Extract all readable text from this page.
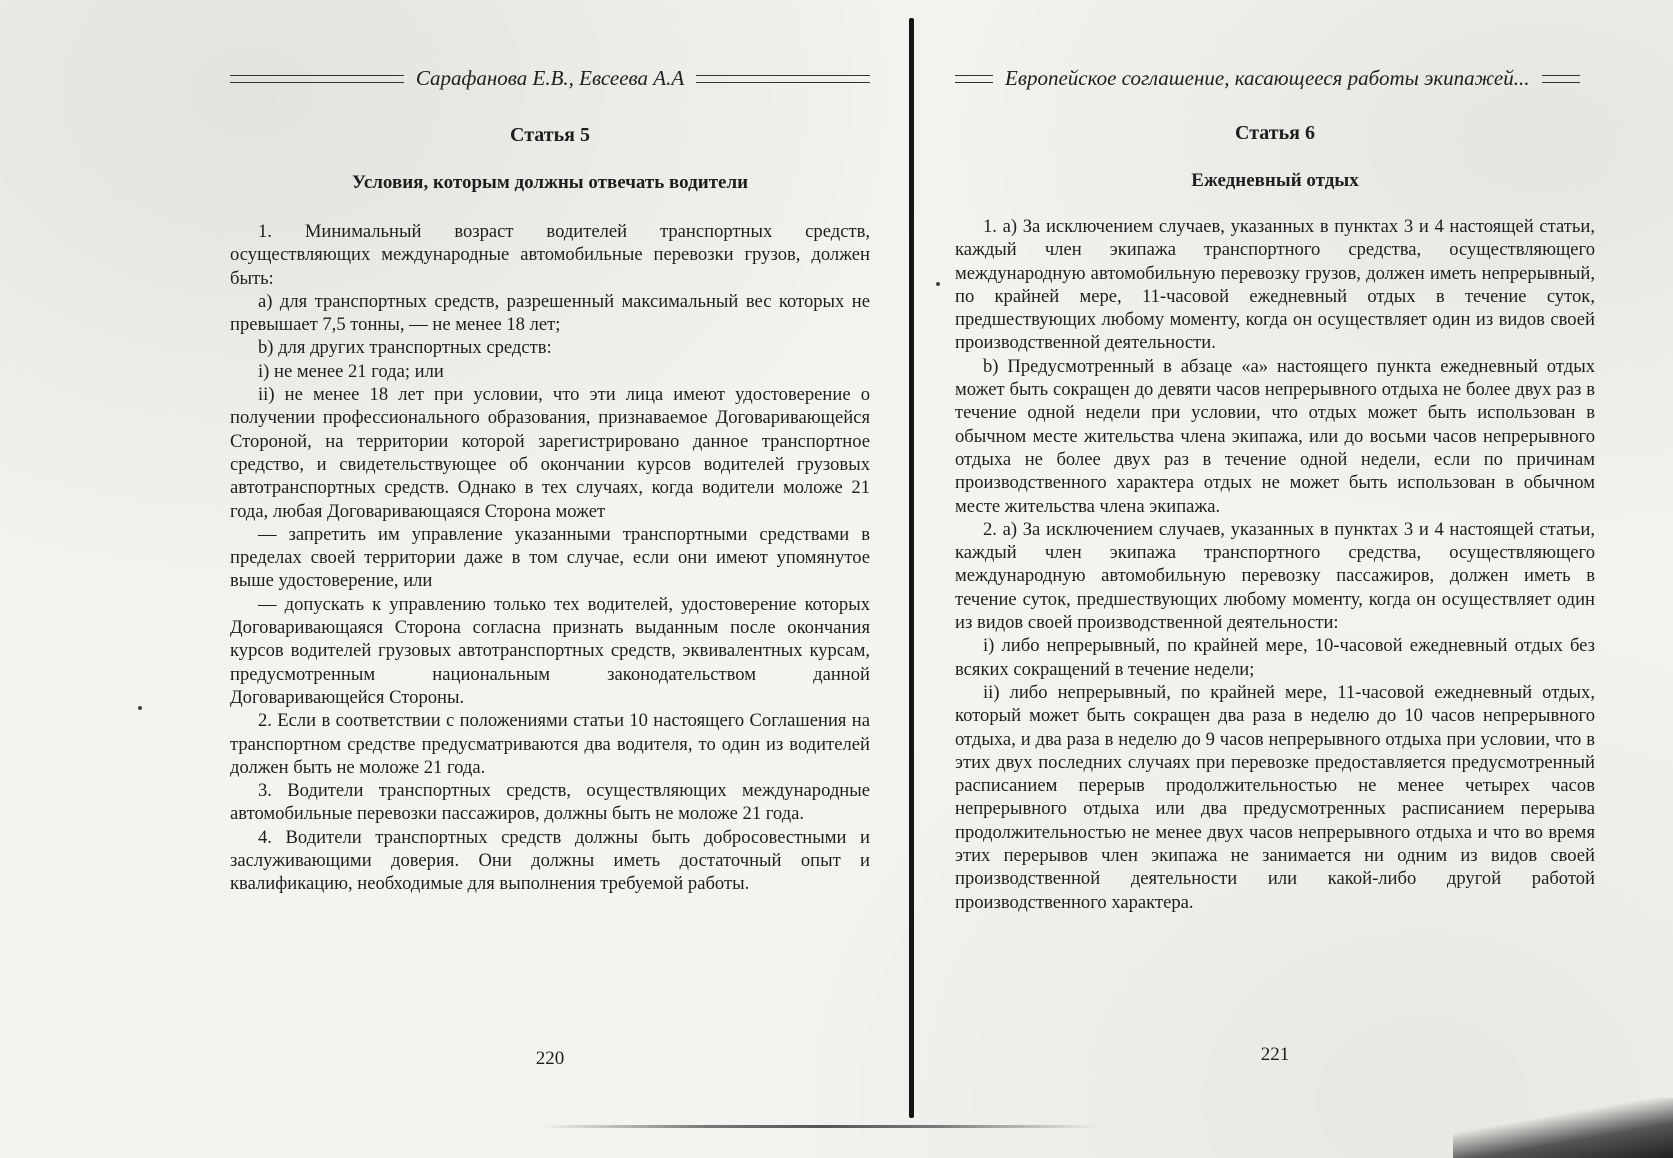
Сарафанова Е.В., Евсеева А.А
Статья 5
Условия, которым должны отвечать водители

1. Минимальный возраст водителей транспортных средств, осуществляющих международные автомобильные перевозки грузов, должен быть:

a) для транспортных средств, разрешенный максимальный вес которых не превышает 7,5 тонны, — не менее 18 лет;

b) для других транспортных средств:

i) не менее 21 года; или

ii) не менее 18 лет при условии, что эти лица имеют удостоверение о получении профессионального образования, признаваемое Договаривающейся Стороной, на территории которой зарегистрировано данное транспортное средство, и свидетельствующее об окончании курсов водителей грузовых автотранспортных средств. Однако в тех случаях, когда водители моложе 21 года, любая Договаривающаяся Сторона может

— запретить им управление указанными транспортными средствами в пределах своей территории даже в том случае, если они имеют упомянутое выше удостоверение, или

— допускать к управлению только тех водителей, удостоверение которых Договаривающаяся Сторона согласна признать выданным после окончания курсов водителей грузовых автотранспортных средств, эквивалентных курсам, предусмотренным национальным законодательством данной Договаривающейся Стороны.

2. Если в соответствии с положениями статьи 10 настоящего Соглашения на транспортном средстве предусматриваются два водителя, то один из водителей должен быть не моложе 21 года.

3. Водители транспортных средств, осуществляющих международные автомобильные перевозки пассажиров, должны быть не моложе 21 года.

4. Водители транспортных средств должны быть добросовестными и заслуживающими доверия. Они должны иметь достаточный опыт и квалификацию, необходимые для выполнения требуемой работы.

220
Европейское соглашение, касающееся работы экипажей...
Статья 6
Ежедневный отдых

1. а) За исключением случаев, указанных в пунктах 3 и 4 настоящей статьи, каждый член экипажа транспортного средства, осуществляющего международную автомобильную перевозку грузов, должен иметь непрерывный, по крайней мере, 11-часовой ежедневный отдых в течение суток, предшествующих любому моменту, когда он осуществляет один из видов своей производственной деятельности.

b) Предусмотренный в абзаце «а» настоящего пункта ежедневный отдых может быть сокращен до девяти часов непрерывного отдыха не более двух раз в течение одной недели при условии, что отдых может быть использован в обычном месте жительства члена экипажа, или до восьми часов непрерывного отдыха не более двух раз в течение одной недели, если по причинам производственного характера отдых не может быть использован в обычном месте жительства члена экипажа.

2. а) За исключением случаев, указанных в пунктах 3 и 4 настоящей статьи, каждый член экипажа транспортного средства, осуществляющего международную автомобильную перевозку пассажиров, должен иметь в течение суток, предшествующих любому моменту, когда он осуществляет один из видов своей производственной деятельности:

i) либо непрерывный, по крайней мере, 10-часовой ежедневный отдых без всяких сокращений в течение недели;

ii) либо непрерывный, по крайней мере, 11-часовой ежедневный отдых, который может быть сокращен два раза в неделю до 10 часов непрерывного отдыха, и два раза в неделю до 9 часов непрерывного отдыха при условии, что в этих двух последних случаях при перевозке предоставляется предусмотренный расписанием перерыв продолжительностью не менее четырех часов непрерывного отдыха или два предусмотренных расписанием перерыва продолжительностью не менее двух часов непрерывного отдыха и что во время этих перерывов член экипажа не занимается ни одним из видов своей производственной деятельности или какой-либо другой работой производственного характера.

221
